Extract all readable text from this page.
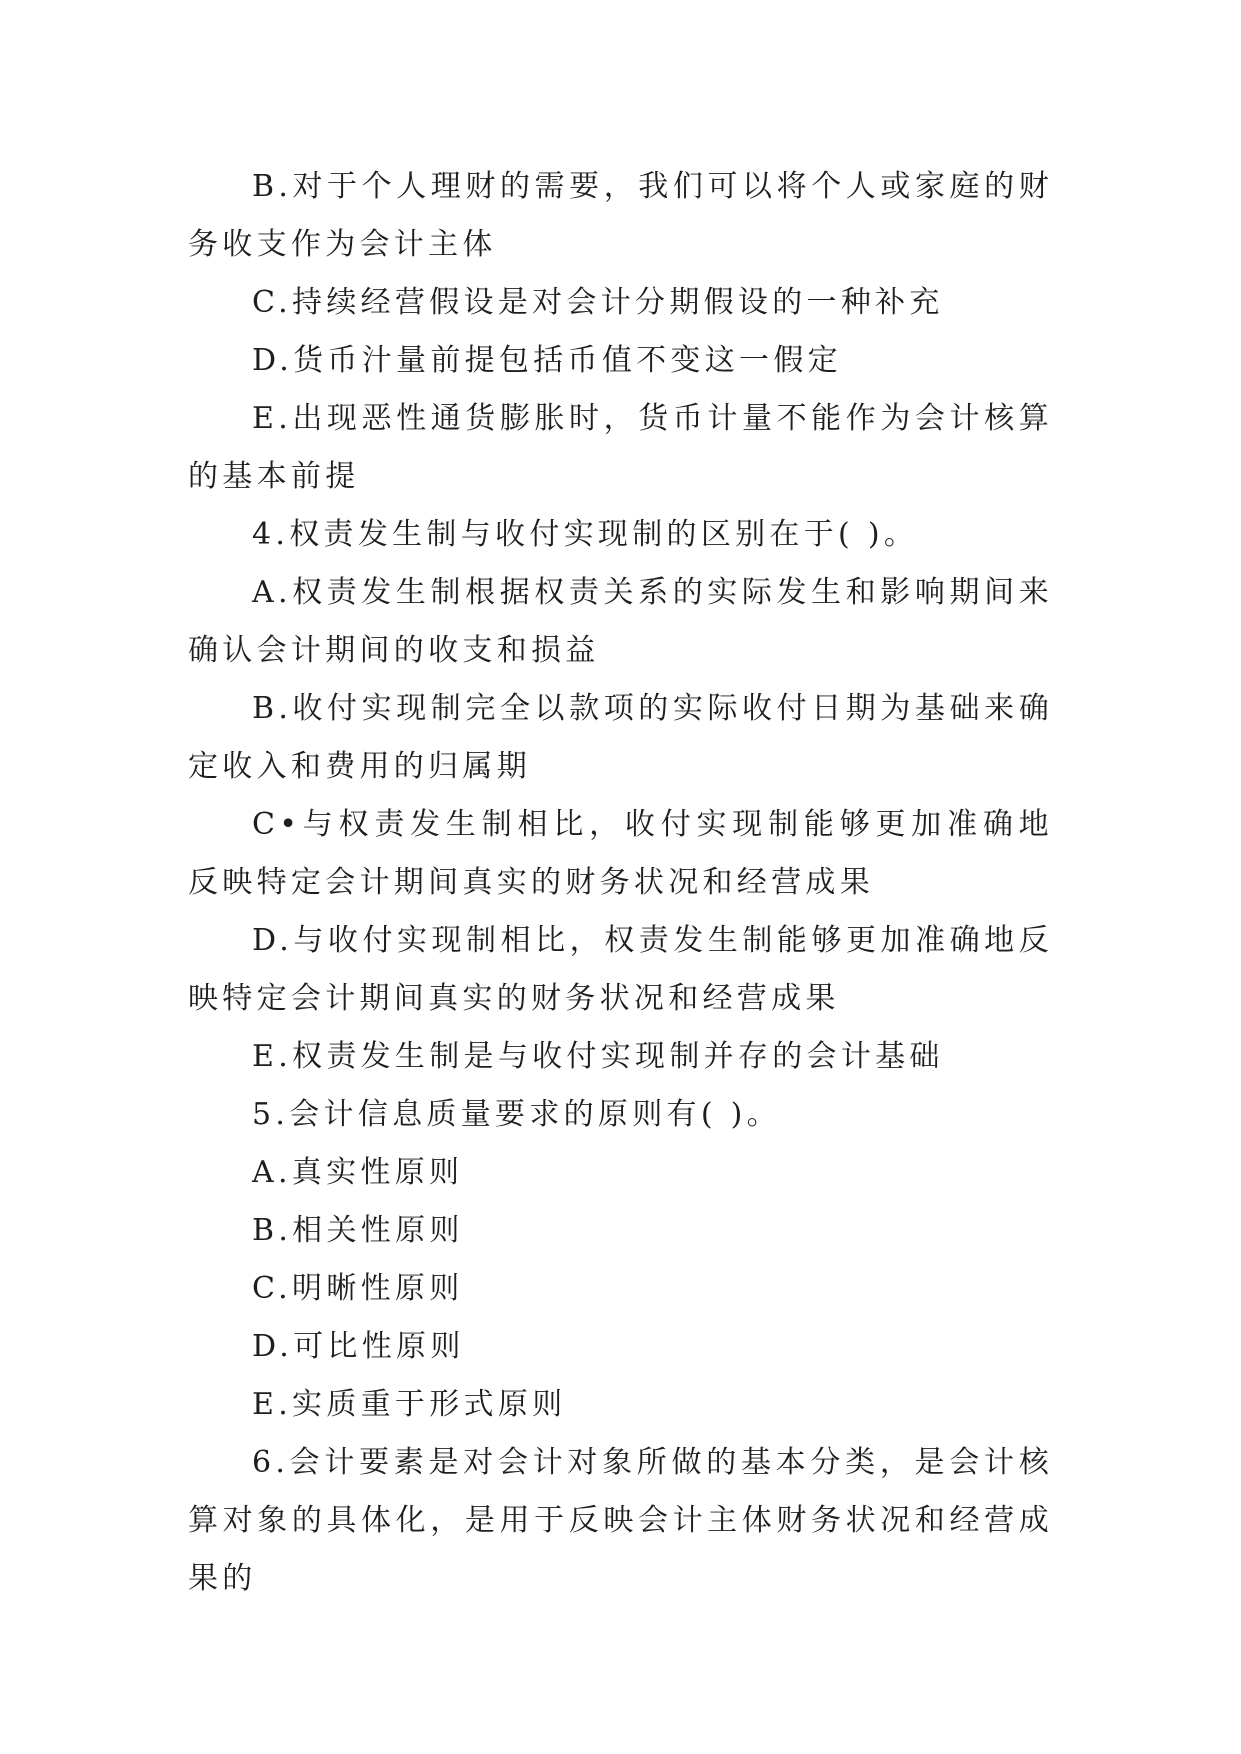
B.对于个人理财的需要，我们可以将个人或家庭的财务收支作为会计主体

C.持续经营假设是对会计分期假设的一种补充

D.货币汁量前提包括币值不变这一假定

E.出现恶性通货膨胀时，货币计量不能作为会计核算的基本前提

4.权责发生制与收付实现制的区别在于( )。

A.权责发生制根据权责关系的实际发生和影响期间来确认会计期间的收支和损益

B.收付实现制完全以款项的实际收付日期为基础来确定收入和费用的归属期

C•与权责发生制相比，收付实现制能够更加准确地反映特定会计期间真实的财务状况和经营成果

D.与收付实现制相比，权责发生制能够更加准确地反映特定会计期间真实的财务状况和经营成果

E.权责发生制是与收付实现制并存的会计基础

5.会计信息质量要求的原则有( )。

A.真实性原则

B.相关性原则

C.明晰性原则

D.可比性原则

E.实质重于形式原则

6.会计要素是对会计对象所做的基本分类，是会计核算对象的具体化，是用于反映会计主体财务状况和经营成果的
